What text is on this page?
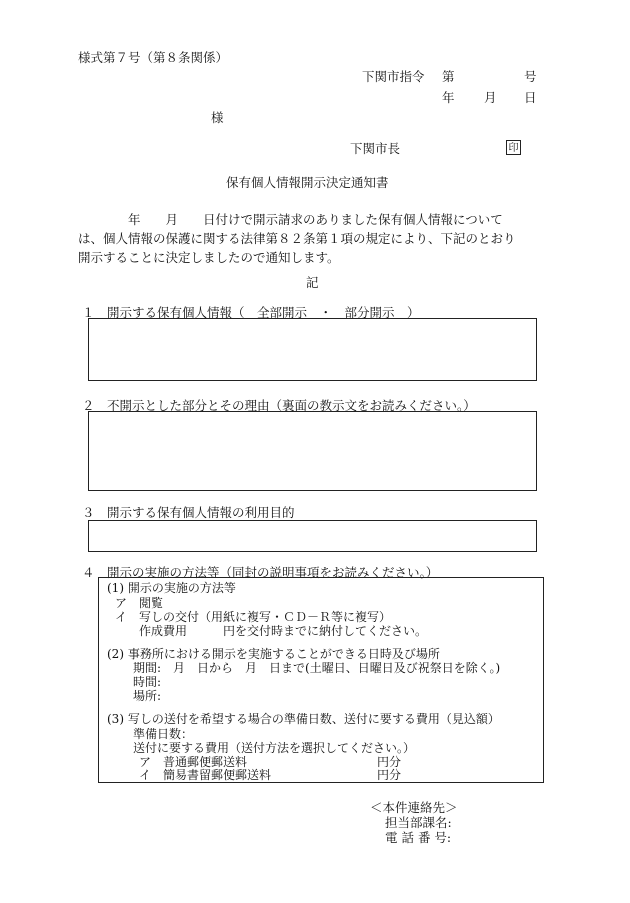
様式第７号（第８条関係）
下関市指令 第	号
年 月 日
様
下関市長	印
保有個人情報開示決定通知書

　　　　年　　月　　日付けで開示請求のありました保有個人情報について

は、個人情報の保護に関する法律第８２条第１項の規定により、下記のとおり

開示することに決定しましたので通知します。

記
１　開示する保有個人情報（　全部開示　・　部分開示　）
２　不開示とした部分とその理由（裏面の教示文をお読みください。）
３　開示する保有個人情報の利用目的
４　開示の実施の方法等（同封の説明事項をお読みください。）
(1) 開示の実施の方法等
ア　閲覧
イ　写しの交付（用紙に複写・ＣＤ－Ｒ等に複写）
作成費用　　　円を交付時までに納付してください。
(2) 事務所における開示を実施することができる日時及び場所
期間:　月　日から　月　日まで(土曜日、日曜日及び祝祭日を除く。)
時間:
場所:
(3) 写しの送付を希望する場合の準備日数、送付に要する費用（見込額）
準備日数：
送付に要する費用（送付方法を選択してください。）
ア　普通郵便郵送料	円分
イ　簡易書留郵便郵送料	円分
＜本件連絡先＞
担当部課名:
電 話 番 号:
